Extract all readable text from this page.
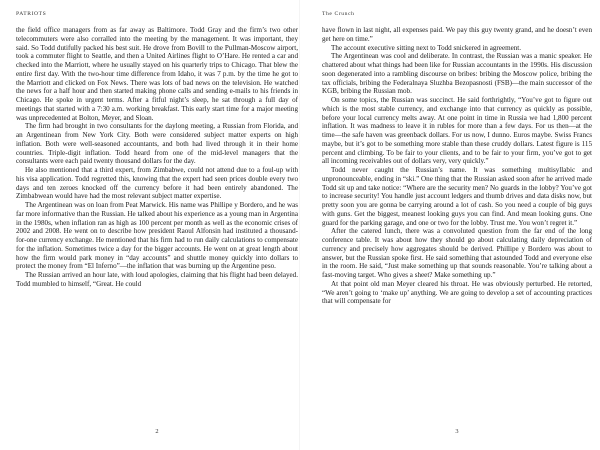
PATRIOTS

the field office managers from as far away as Baltimore. Todd Gray and the firm’s two other telecommuters were also corralled into the meeting by the management. It was important, they said. So Todd dutifully packed his best suit. He drove from Bovill to the Pullman-Moscow airport, took a commuter flight to Seattle, and then a United Airlines flight to O’Hare. He rented a car and checked into the Marriott, where he usually stayed on his quarterly trips to Chicago. That blew the entire first day. With the two-hour time difference from Idaho, it was 7 p.m. by the time he got to the Marriott and clicked on Fox News. There was lots of bad news on the television. He watched the news for a half hour and then started making phone calls and sending e-mails to his friends in Chicago. He spoke in urgent terms. After a fitful night’s sleep, he sat through a full day of meetings that started with a 7:30 a.m. working breakfast. This early start time for a major meeting was unprecedented at Bolton, Meyer, and Sloan.

The firm had brought in two consultants for the daylong meeting, a Russian from Florida, and an Argentinean from New York City. Both were considered subject matter experts on high inflation. Both were well-seasoned accountants, and both had lived through it in their home countries. Triple-digit inflation. Todd heard from one of the mid-level managers that the consultants were each paid twenty thousand dollars for the day.

He also mentioned that a third expert, from Zimbabwe, could not attend due to a foul-up with his visa application. Todd regretted this, knowing that the expert had seen prices double every two days and ten zeroes knocked off the currency before it had been entirely abandoned. The Zimbabwean would have had the most relevant subject matter expertise.

The Argentinean was on loan from Peat Marwick. His name was Phillipe y Bordero, and he was far more informative than the Russian. He talked about his experience as a young man in Argentina in the 1980s, when inflation ran as high as 100 percent per month as well as the economic crises of 2002 and 2008. He went on to describe how president Raoul Alfonsin had instituted a thousand-for-one currency exchange. He mentioned that his firm had to run daily calculations to compensate for the inflation. Sometimes twice a day for the bigger accounts. He went on at great length about how the firm would park money in “day accounts” and shuttle money quickly into dollars to protect the money from “El Inferno”—the inflation that was burning up the Argentine peso.

The Russian arrived an hour late, with loud apologies, claiming that his flight had been delayed. Todd mumbled to himself, “Great. He could

2
The Crunch

have flown in last night, all expenses paid. We pay this guy twenty grand, and he doesn’t even get here on time.”

The account executive sitting next to Todd snickered in agreement.

The Argentinean was cool and deliberate. In contrast, the Russian was a manic speaker. He chattered about what things had been like for Russian accountants in the 1990s. His discussion soon degenerated into a rambling discourse on bribes: bribing the Moscow police, bribing the tax officials, bribing the Federalnaya Sluzhba Bezopasnosti (FSB)—the main successor of the KGB, bribing the Russian mob.

On some topics, the Russian was succinct. He said forthrightly, “You’ve got to figure out which is the most stable currency, and exchange into that currency as quickly as possible, before your local currency melts away. At one point in time in Russia we had 1,800 percent inflation. It was madness to leave it in rubles for more than a few days. For us then—at the time—the safe haven was greenback dollars. For us now, I dunno. Euros maybe. Swiss Francs maybe, but it’s got to be something more stable than these cruddy dollars. Latest figure is 115 percent and climbing. To be fair to your clients, and to be fair to your firm, you’ve got to get all incoming receivables out of dollars very, very quickly.”

Todd never caught the Russian’s name. It was something multisyllabic and unpronounceable, ending in “ski.” One thing that the Russian asked soon after he arrived made Todd sit up and take notice: “Where are the security men? No guards in the lobby? You’ve got to increase security! You handle just account ledgers and thumb drives and data disks now, but pretty soon you are gonna be carrying around a lot of cash. So you need a couple of big guys with guns. Get the biggest, meanest looking guys you can find. And mean looking guns. One guard for the parking garage, and one or two for the lobby. Trust me. You won’t regret it.”

After the catered lunch, there was a convoluted question from the far end of the long conference table. It was about how they should go about calculating daily depreciation of currency and precisely how aggregates should be derived. Phillipe y Bordero was about to answer, but the Russian spoke first. He said something that astounded Todd and everyone else in the room. He said, “Just make something up that sounds reasonable. You’re talking about a fast-moving target. Who gives a sheet? Make something up.”

At that point old man Meyer cleared his throat. He was obviously perturbed. He retorted, “We aren’t going to ‘make up’ anything. We are going to develop a set of accounting practices that will compensate for

3
